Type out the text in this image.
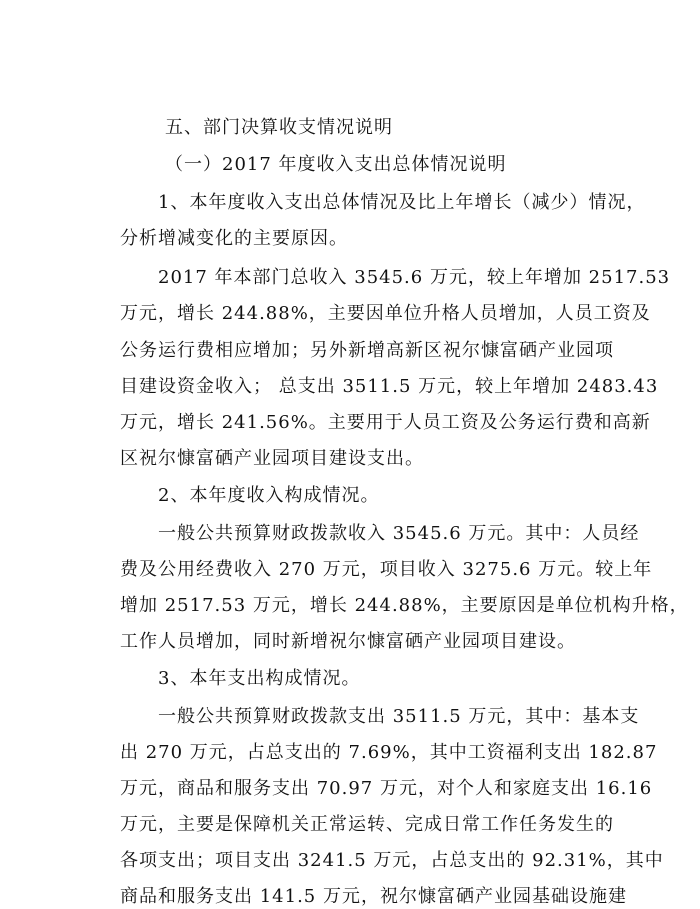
五、部门决算收支情况说明
（一）2017 年度收入支出总体情况说明
1、本年度收入支出总体情况及比上年增长（减少）情况，
分析增减变化的主要原因。
2017 年本部门总收入 3545.6 万元，较上年增加 2517.53
万元，增长 244.88%，主要因单位升格人员增加，人员工资及
公务运行费相应增加；另外新增高新区祝尔慷富硒产业园项
目建设资金收入； 总支出 3511.5 万元，较上年增加 2483.43
万元，增长 241.56%。主要用于人员工资及公务运行费和高新
区祝尔慷富硒产业园项目建设支出。
2、本年度收入构成情况。
一般公共预算财政拨款收入 3545.6 万元。其中：人员经
费及公用经费收入 270 万元，项目收入 3275.6 万元。较上年
增加 2517.53 万元，增长 244.88%，主要原因是单位机构升格，
工作人员增加，同时新增祝尔慷富硒产业园项目建设。
3、本年支出构成情况。
一般公共预算财政拨款支出 3511.5 万元，其中：基本支
出 270 万元，占总支出的 7.69%，其中工资福利支出 182.87
万元，商品和服务支出 70.97 万元，对个人和家庭支出 16.16
万元，主要是保障机关正常运转、完成日常工作任务发生的
各项支出；项目支出 3241.5 万元，占总支出的 92.31%，其中
商品和服务支出 141.5 万元，祝尔慷富硒产业园基础设施建
